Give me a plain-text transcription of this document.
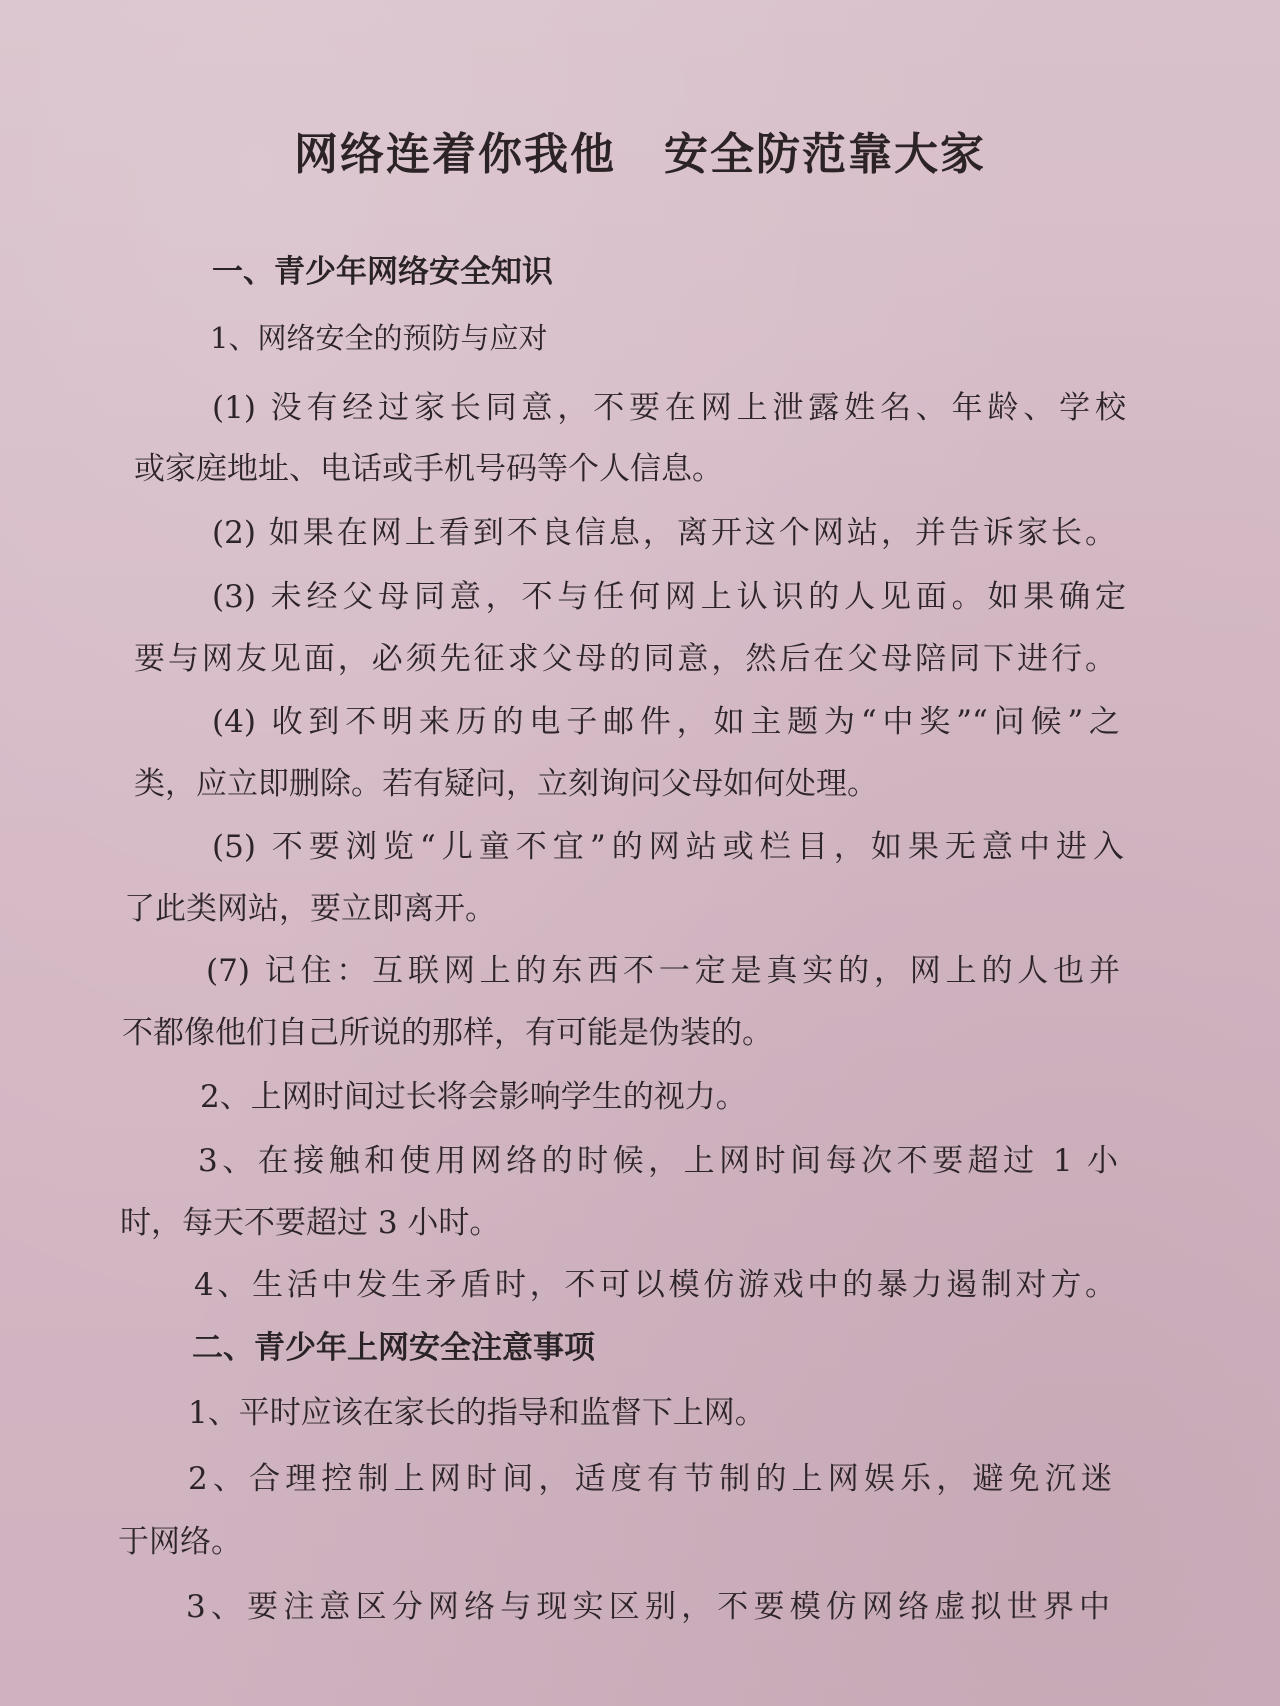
网络连着你我他 安全防范靠大家
一、青少年网络安全知识
1、网络安全的预防与应对
(1) 没有经过家长同意，不要在网上泄露姓名、年龄、学校
或家庭地址、电话或手机号码等个人信息。
(2) 如果在网上看到不良信息，离开这个网站，并告诉家长。
(3) 未经父母同意，不与任何网上认识的人见面。如果确定
要与网友见面，必须先征求父母的同意，然后在父母陪同下进行。
(4) 收到不明来历的电子邮件，如主题为“中奖”“问候”之
类，应立即删除。若有疑问，立刻询问父母如何处理。
(5) 不要浏览“儿童不宜”的网站或栏目，如果无意中进入
了此类网站，要立即离开。
(7) 记住：互联网上的东西不一定是真实的，网上的人也并
不都像他们自己所说的那样，有可能是伪装的。
2、上网时间过长将会影响学生的视力。
3、在接触和使用网络的时候，上网时间每次不要超过 1 小
时，每天不要超过 3 小时。
4、生活中发生矛盾时，不可以模仿游戏中的暴力遏制对方。
二、青少年上网安全注意事项
1、平时应该在家长的指导和监督下上网。
2、合理控制上网时间，适度有节制的上网娱乐，避免沉迷
于网络。
3、要注意区分网络与现实区别，不要模仿网络虚拟世界中
